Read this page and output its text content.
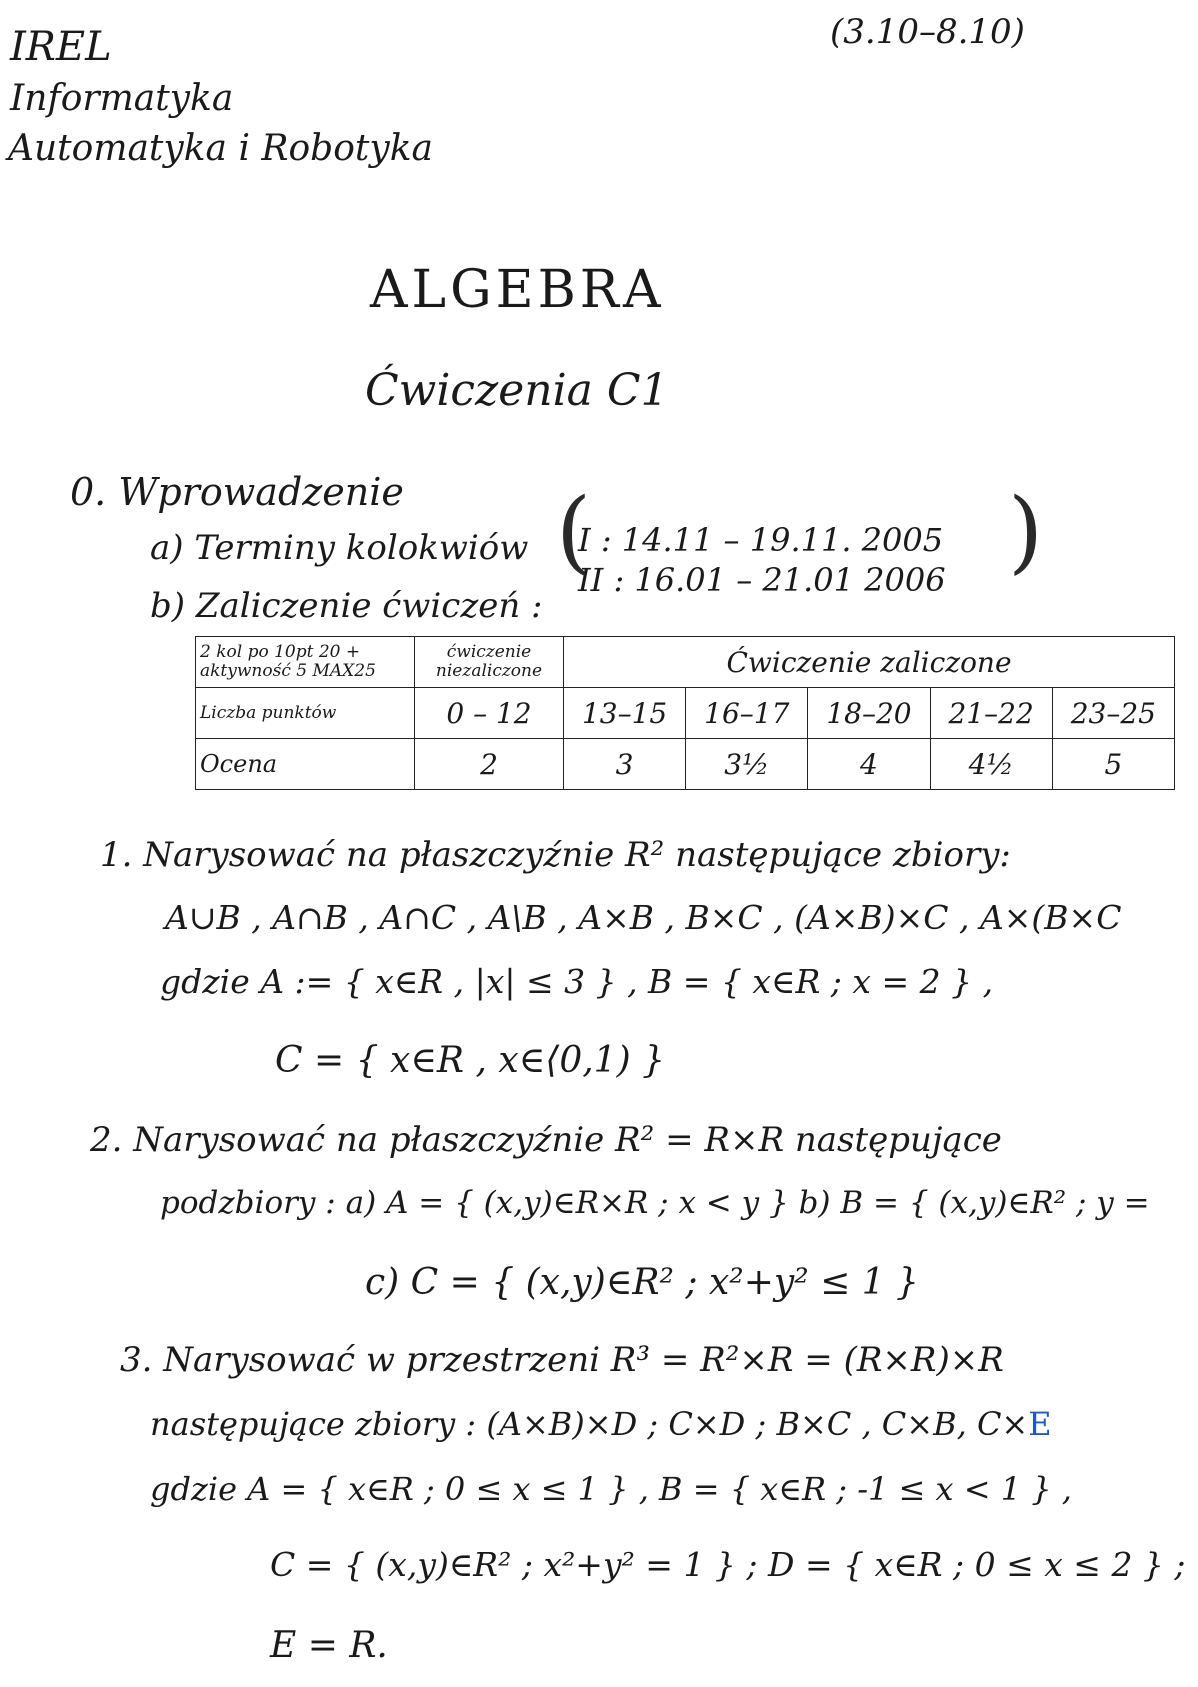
(3.10–8.10)
IREL
Informatyka
Automatyka i Robotyka
ALGEBRA
Ćwiczenia C1
0. Wprowadzenie
a) Terminy kolokwiów (
I : 14.11 – 19.11. 2005
II : 16.01 – 21.01 2006 )
b) Zaliczenie ćwiczeń :
2 kol po 10pt 20 + aktywność 5 MAX25	ćwiczenie niezaliczone	Ćwiczenie zaliczone				
Liczba punktów	0 – 12	13–15	16–17	18–20	21–22	23–25
Ocena	2	3	3½	4	4½	5
1. Narysować na płaszczyźnie R² następujące zbiory:
A∪B , A∩B , A∩C , A\B , A×B , B×C , (A×B)×C , A×(B×C
gdzie A := { x∈R , |x| ≤ 3 } , B = { x∈R ; x = 2 } ,
C = { x∈R , x∈⟨0,1) }
2. Narysować na płaszczyźnie R² = R×R następujące
podzbiory : a) A = { (x,y)∈R×R ; x < y } b) B = { (x,y)∈R² ; y =
c) C = { (x,y)∈R² ; x²+y² ≤ 1 }
3. Narysować w przestrzeni R³ = R²×R = (R×R)×R
następujące zbiory : (A×B)×D ; C×D ; B×C , C×B, C×E
gdzie A = { x∈R ; 0 ≤ x ≤ 1 } , B = { x∈R ; -1 ≤ x < 1 } ,
C = { (x,y)∈R² ; x²+y² = 1 } ; D = { x∈R ; 0 ≤ x ≤ 2 } ;
E = R.
